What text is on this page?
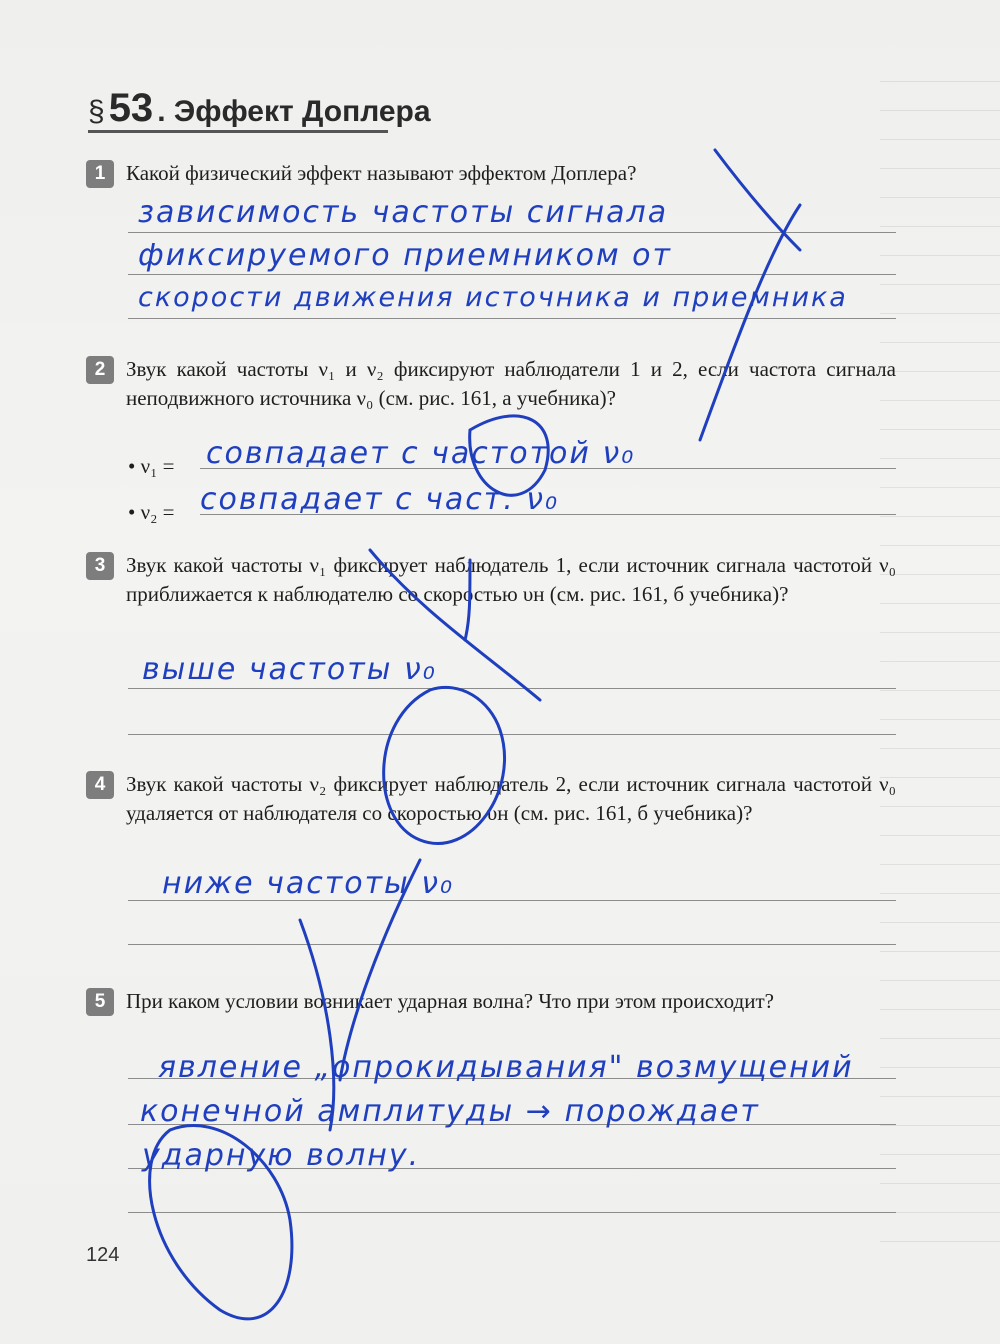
§ 53 . Эффект Доплера
1 Какой физический эффект называют эффектом Доплера?
зависимость частоты сигнала
фиксируемого приемником от
скорости движения источника и приемника
2 Звук какой частоты ν₁ и ν₂ фиксируют наблюдатели 1 и 2, если частота сигнала неподвижного источника ν₀ (см. рис. 161, а учебника)?
• ν₁ =
• ν₂ =
совпадает с частотой ν₀
совпадает с част. ν₀
3 Звук какой частоты ν₁ фиксирует наблюдатель 1, если источник сигнала частотой ν₀ приближается к наблюдателю со скоростью υн (см. рис. 161, б учебника)?
выше частоты ν₀
4 Звук какой частоты ν₂ фиксирует наблюдатель 2, если источник сигнала частотой ν₀ удаляется от наблюдателя со скоростью υн (см. рис. 161, б учебника)?
ниже частоты ν₀
5 При каком условии возникает ударная волна? Что при этом происходит?
явление „опрокидывания" возмущений
конечной амплитуды → порождает
ударную волну.
124
